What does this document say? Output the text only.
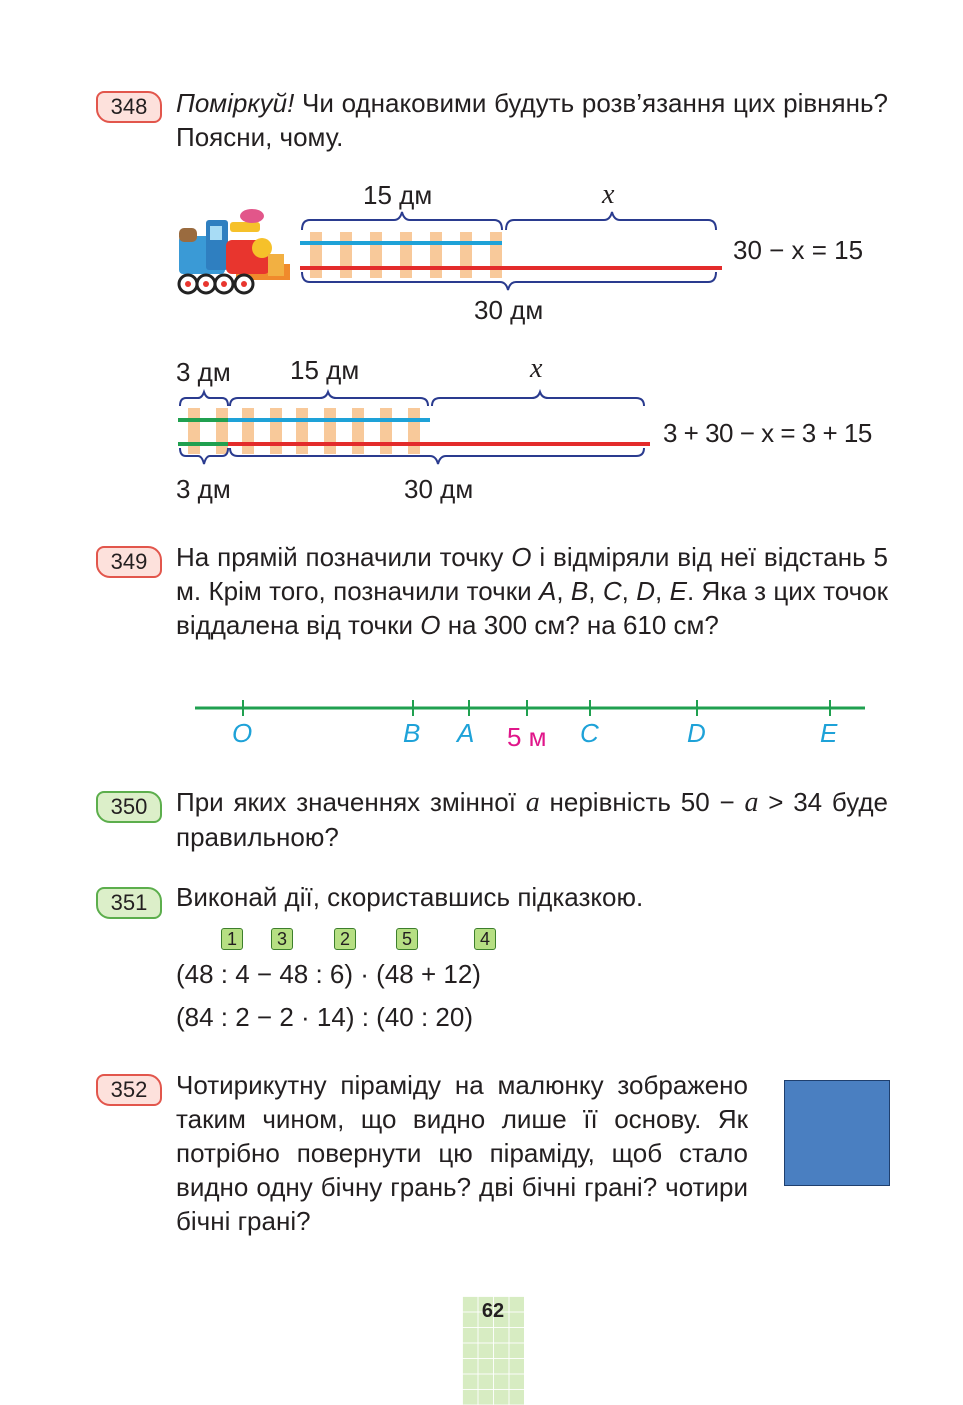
348	Поміркуй! Чи однаковими будуть розв’язання цих рівнянь? Поясни, чому.
15 дм	x
30 дм
30 − x = 15
3 дм 15 дм	x
3 дм	30 дм
3 + 30 − x = 3 + 15
349	На прямій позначили точку O і відміряли від неї відстань 5 м. Крім того, позначили точки A, B, C, D, E. Яка з цих точок віддалена від точки O на 300 см? на 610 см?
O	B A 5 м C	D	E
350	При яких значеннях змінної a нерівність 50 − a > 34 буде правильною?
351	Виконай дії, скориставшись підказкою.
1	3	2	5	4
(48 : 4 − 48 : 6) · (48 + 12)
(84 : 2 − 2 · 14) : (40 : 20)
352	Чотирикутну піраміду на малюнку зображено таким чином, що видно лише її основу. Як потрібно повернути цю піраміду, щоб стало видно одну бічну грань? дві бічні грані? чотири бічні грані?
62
